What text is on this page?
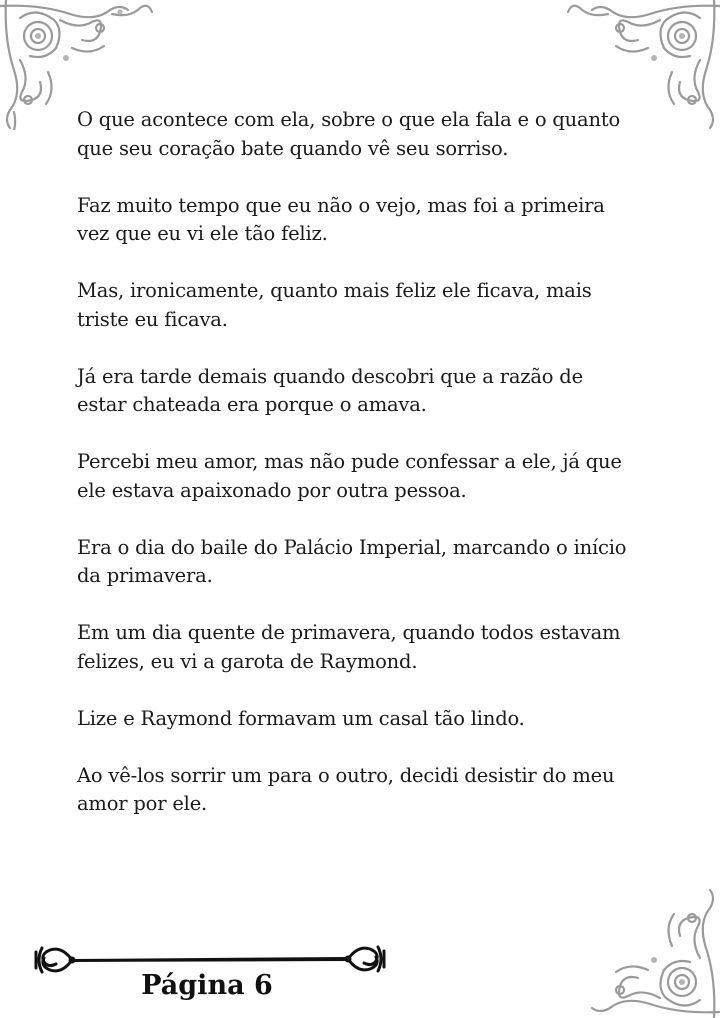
O que acontece com ela, sobre o que ela fala e o quanto que seu coração bate quando vê seu sorriso.

Faz muito tempo que eu não o vejo, mas foi a primeira vez que eu vi ele tão feliz.

Mas, ironicamente, quanto mais feliz ele ficava, mais triste eu ficava.

Já era tarde demais quando descobri que a razão de estar chateada era porque o amava.

Percebi meu amor, mas não pude confessar a ele, já que ele estava apaixonado por outra pessoa.

Era o dia do baile do Palácio Imperial, marcando o início da primavera.

Em um dia quente de primavera, quando todos estavam felizes, eu vi a garota de Raymond.

Lize e Raymond formavam um casal tão lindo.

Ao vê-los sorrir um para o outro, decidi desistir do meu amor por ele.

Página 6
